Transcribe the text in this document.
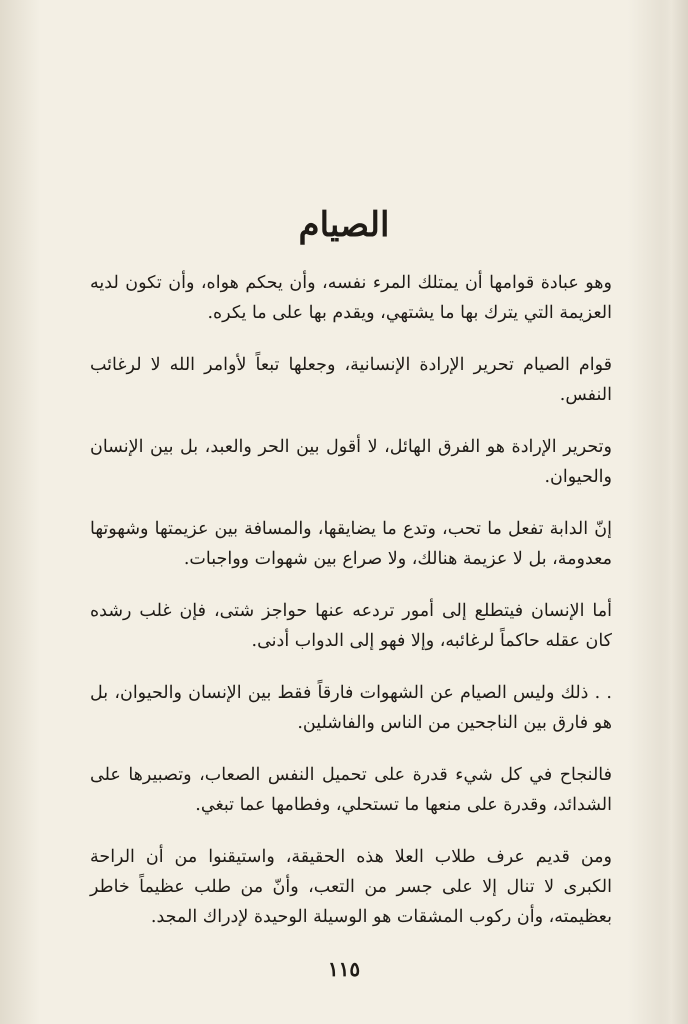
الصيام

وهو عبادة قوامها أن يمتلك المرء نفسه، وأن يحكم هواه، وأن تكون لديه العزيمة التي يترك بها ما يشتهي، ويقدم بها على ما يكره.

قوام الصيام تحرير الإرادة الإنسانية، وجعلها تبعاً لأوامر الله لا لرغائب النفس.

وتحرير الإرادة هو الفرق الهائل، لا أقول بين الحر والعبد، بل بين الإنسان والحيوان.

إنّ الدابة تفعل ما تحب، وتدع ما يضايقها، والمسافة بين عزيمتها وشهوتها معدومة، بل لا عزيمة هنالك، ولا صراع بين شهوات وواجبات.

أما الإنسان فيتطلع إلى أمور تردعه عنها حواجز شتى، فإن غلب رشده كان عقله حاكماً لرغائبه، وإلا فهو إلى الدواب أدنى.

. . ذلك وليس الصيام عن الشهوات فارقاً فقط بين الإنسان والحيوان، بل هو فارق بين الناجحين من الناس والفاشلين.

فالنجاح في كل شيء قدرة على تحميل النفس الصعاب، وتصبيرها على الشدائد، وقدرة على منعها ما تستحلي، وفطامها عما تبغي.

ومن قديم عرف طلاب العلا هذه الحقيقة، واستيقنوا من أن الراحة الكبرى لا تنال إلا على جسر من التعب، وأنّ من طلب عظيماً خاطر بعظيمته، وأن ركوب المشقات هو الوسيلة الوحيدة لإدراك المجد.

١١٥
